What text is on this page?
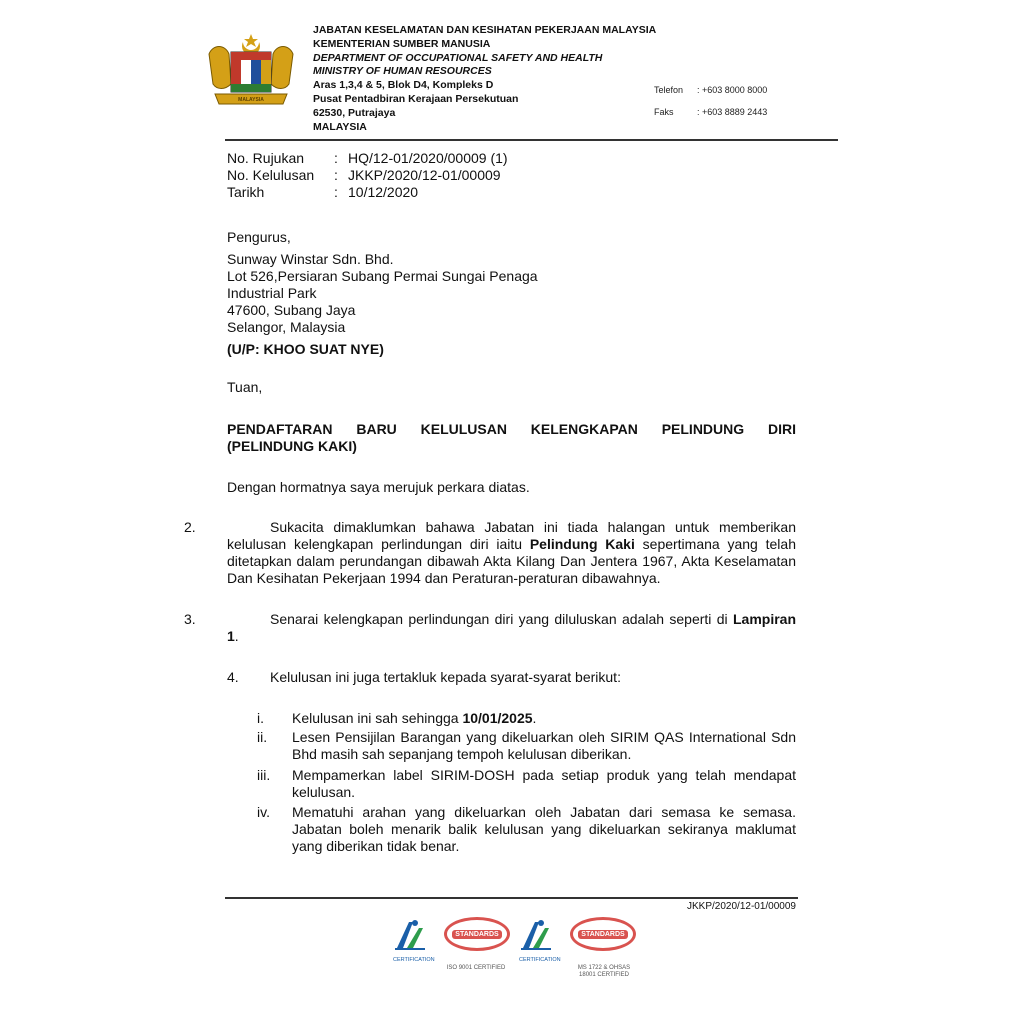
MALAYSIA
JABATAN KESELAMATAN DAN KESIHATAN PEKERJAAN MALAYSIA
KEMENTERIAN SUMBER MANUSIA
DEPARTMENT OF OCCUPATIONAL SAFETY AND HEALTH
MINISTRY OF HUMAN RESOURCES
Aras 1,3,4 & 5, Blok D4, Kompleks D
Pusat Pentadbiran Kerajaan Persekutuan
62530, Putrajaya
MALAYSIA
Telefon : +603 8000 8000
Faks	: +603 8889 2443
No. Rujukan : HQ/12-01/2020/00009 (1)
No. Kelulusan : JKKP/2020/12-01/00009
Tarikh	: 10/12/2020
Pengurus,
Sunway Winstar Sdn. Bhd.
Lot 526,Persiaran Subang Permai Sungai Penaga
Industrial Park
47600, Subang Jaya
Selangor, Malaysia
(U/P: KHOO SUAT NYE)
Tuan,
PENDAFTARAN BARU KELULUSAN KELENGKAPAN PELINDUNG DIRI
(PELINDUNG KAKI)
Dengan hormatnya saya merujuk perkara diatas.
2.	Sukacita dimaklumkan bahawa Jabatan ini tiada halangan untuk memberikan kelulusan kelengkapan perlindungan diri iaitu Pelindung Kaki sepertimana yang telah ditetapkan dalam perundangan dibawah Akta Kilang Dan Jentera 1967, Akta Keselamatan Dan Kesihatan Pekerjaan 1994 dan Peraturan-peraturan dibawahnya.
3.	Senarai kelengkapan perlindungan diri yang diluluskan adalah seperti di Lampiran 1.
4. Kelulusan ini juga tertakluk kepada syarat-syarat berikut:
i. Kelulusan ini sah sehingga 10/01/2025.
ii. Lesen Pensijilan Barangan yang dikeluarkan oleh SIRIM QAS International Sdn Bhd masih sah sepanjang tempoh kelulusan diberikan.
iii. Mempamerkan label SIRIM-DOSH pada setiap produk yang telah mendapat kelulusan.
iv. Mematuhi arahan yang dikeluarkan oleh Jabatan dari semasa ke semasa. Jabatan boleh menarik balik kelulusan yang dikeluarkan sekiranya maklumat yang diberikan tidak benar.
JKKP/2020/12-01/00009
CERTIFICATION
STANDARDS
ISO 9001 CERTIFIED
CERTIFICATION
STANDARDS
MS 1722 & OHSAS 18001 CERTIFIED
